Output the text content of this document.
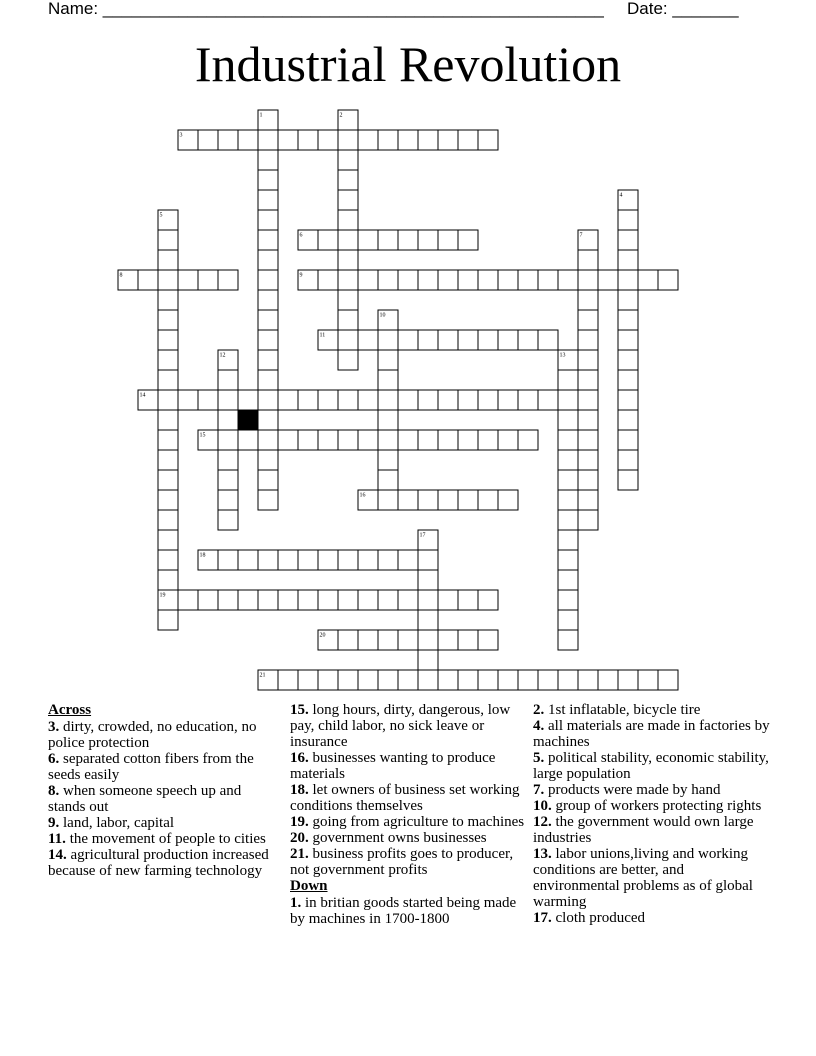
Name: _____________________________________________________ Date: _______
Industrial Revolution
1	2
3
4
5
6	7
8	9
10
11
12	13
14
15
16
17
18
19
20
21
Across

3. dirty, crowded, no education, no police protection

6. separated cotton fibers from the seeds easily

8. when someone speech up and stands out

9. land, labor, capital

11. the movement of people to cities

14. agricultural production increased because of new farming technology

15. long hours, dirty, dangerous, low pay, child labor, no sick leave or insurance

16. businesses wanting to produce materials

18. let owners of business set working conditions themselves

19. going from agriculture to machines

20. government owns businesses

21. business profits goes to producer, not government profits

Down

1. in britian goods started being made by machines in 1700-1800

2. 1st inflatable, bicycle tire

4. all materials are made in factories by machines

5. political stability, economic stability, large population

7. products were made by hand

10. group of workers protecting rights

12. the government would own large industries

13. labor unions,living and working conditions are better, and environmental problems as of global warming

17. cloth produced
